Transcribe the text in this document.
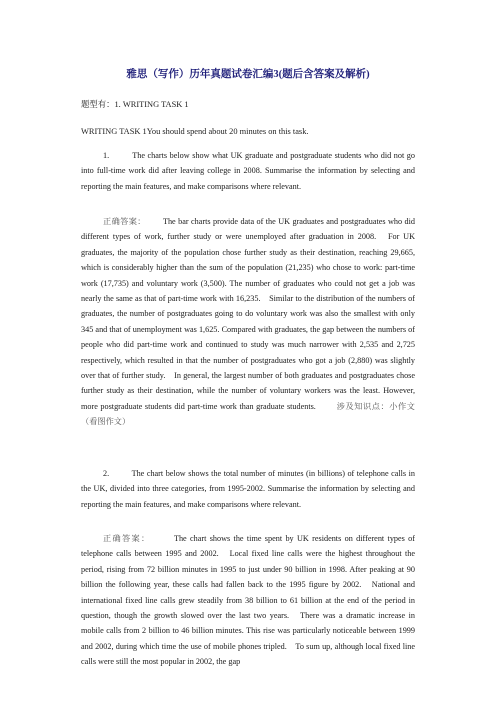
雅思（写作）历年真题试卷汇编3(题后含答案及解析)
题型有：1. WRITING TASK 1
WRITING TASK 1You should spend about 20 minutes on this task.

1.	The charts below show what UK graduate and postgraduate students who did not go into full-time work did after leaving college in 2008. Summarise the information by selecting and reporting the main features, and make comparisons where relevant.

正确答案： The bar charts provide data of the UK graduates and postgraduates who did different types of work, further study or were unemployed after graduation in 2008.　For UK graduates, the majority of the population chose further study as their destination, reaching 29,665, which is considerably higher than the sum of the population (21,235) who chose to work: part-time work (17,735) and voluntary work (3,500). The number of graduates who could not get a job was nearly the same as that of part-time work with 16,235.　Similar to the distribution of the numbers of graduates, the number of postgraduates going to do voluntary work was also the smallest with only 345 and that of unemployment was 1,625. Compared with graduates, the gap between the numbers of people who did part-time work and continued to study was much narrower with 2,535 and 2,725 respectively, which resulted in that the number of postgraduates who got a job (2,880) was slightly over that of further study.　In general, the largest number of both graduates and postgraduates chose further study as their destination, while the number of voluntary workers was the least. However, more postgraduate students did part-time work than graduate students.	涉及知识点：小作文（看图作文）

2.	The chart below shows the total number of minutes (in billions) of telephone calls in the UK, divided into three categories, from 1995-2002. Summarise the information by selecting and reporting the main features, and make comparisons where relevant.

正确答案：	The chart shows the time spent by UK residents on different types of telephone calls between 1995 and 2002.　Local fixed line calls were the highest throughout the period, rising from 72 billion minutes in 1995 to just under 90 billion in 1998. After peaking at 90 billion the following year, these calls had fallen back to the 1995 figure by 2002.　National and international fixed line calls grew steadily from 38 billion to 61 billion at the end of the period in question, though the growth slowed over the last two years.　There was a dramatic increase in mobile calls from 2 billion to 46 billion minutes. This rise was particularly noticeable between 1999 and 2002, during which time the use of mobile phones tripled.　To sum up, although local fixed line calls were still the most popular in 2002, the gap
